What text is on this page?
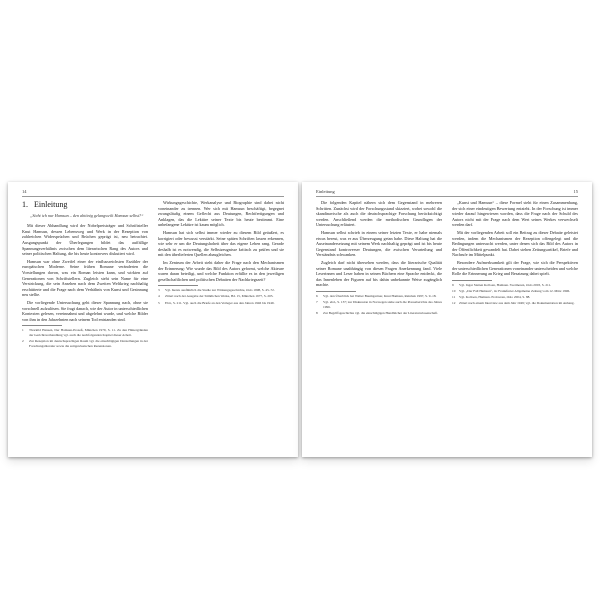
14
1. Einleitung
„Sieht ich nur Hamsun – den abtönig gelangweilt Hamsun selbst?“

Mit dieser Abhandlung wird der Nobelpreisträger und Schriftsteller Knut Hamsun, dessen Lebensweg und Werk in der Rezeption von zahlreichen Widersprüchen und Brüchen geprägt ist, neu betrachtet. Ausgangspunkt der Überlegungen bildet das auffällige Spannungsverhältnis zwischen dem literarischen Rang des Autors und seiner politischen Haltung, die bis heute kontrovers diskutiert wird.

Hamsun war ohne Zweifel einer der einflussreichsten Erzähler der europäischen Moderne. Seine frühen Romane veränderten die Vorstellungen davon, was ein Roman leisten kann, und wirkten auf Generationen von Schriftstellern. Zugleich steht sein Name für eine Verstrickung, die sein Ansehen nach dem Zweiten Weltkrieg nachhaltig erschütterte und die Frage nach dem Verhältnis von Kunst und Gesinnung neu stellte.

Die vorliegende Untersuchung geht dieser Spannung nach, ohne sie vorschnell aufzulösen. Sie fragt danach, wie der Autor in unterschiedlichen Kontexten gelesen, vereinnahmt und abgelehnt wurde, und welche Bilder von ihm in den Jahrzehnten nach seinem Tod entstanden sind.

1 Thorkild Hansen, Der Hamsun-Prozeß, München 1979, S. 11. Zu den Hintergründen der Gerichtsverhandlung vgl. auch die nachfolgenden Kapitel dieser Arbeit.
2 Zur Rezeption im deutschsprachigen Raum vgl. die einschlägigen Darstellungen in der Forschungsliteratur sowie die zeitgenössischen Rezensionen.

Wirkungsgeschichte, Werkanalyse und Biographie sind dabei nicht voneinander zu trennen. Wer sich mit Hamsun beschäftigt, begegnet zwangsläufig einem Geflecht aus Deutungen, Rechtfertigungen und Anklagen, das die Lektüre seiner Texte bis heute bestimmt. Eine unbefangene Lektüre ist kaum möglich.

Hamsun hat sich selbst immer wieder zu diesem Bild geäußert, es korrigiert oder bewusst verstärkt. Seine späten Schriften lassen erkennen, wie sehr er um die Deutungshoheit über das eigene Leben rang. Gerade deshalb ist es notwendig, die Selbstzeugnisse kritisch zu prüfen und sie mit den überlieferten Quellen abzugleichen.

Im Zentrum der Arbeit steht daher die Frage nach den Mechanismen der Erinnerung: Wie wurde das Bild des Autors geformt, welche Akteure waren daran beteiligt, und welche Funktion erfüllte es in den jeweiligen gesellschaftlichen und politischen Debatten der Nachkriegszeit?

3 Vgl. hierzu ausführlich die Studie zur Wirkungsgeschichte, Oslo 1998, S. 45–72.
4 Zitiert nach der Ausgabe der Sämtlichen Werke, Bd. 15, München 1977, S. 203.
5 Ebd., S. 211. Vgl. auch die Briefe an den Verleger aus den Jahren 1946 bis 1949.
Einleitung	15

Die folgenden Kapitel nähern sich dem Gegenstand in mehreren Schritten. Zunächst wird der Forschungsstand skizziert, wobei sowohl die skandinavische als auch die deutschsprachige Forschung berücksichtigt werden. Anschließend werden die methodischen Grundlagen der Untersuchung erläutert.

Hamsun selbst schrieb in einem seiner letzten Texte, er habe niemals etwas bereut, was er aus Überzeugung getan habe. Diese Haltung hat die Auseinandersetzung mit seinem Werk nachhaltig geprägt und ist bis heute Gegenstand kontroverser Deutungen, die zwischen Verurteilung und Verständnis schwanken.

Zugleich darf nicht übersehen werden, dass die literarische Qualität seiner Romane unabhängig von diesen Fragen Anerkennung fand. Viele Leserinnen und Leser haben in seinen Büchern eine Sprache entdeckt, die das Innenleben der Figuren auf bis dahin unbekannte Weise zugänglich machte.

6 Vgl. den Überblick bei Walter Baumgartner, Knut Hamsun, Reinbek 1997, S. 9–18.
7 Vgl. ebd., S. 137; zur Diskussion in Norwegen siehe auch die Presseberichte des Jahres 1996.
8 Zur Begriffsgeschichte vgl. die einschlägigen Handbücher der Literaturwissenschaft.

„Kunst und Hamsun“ – diese Formel steht für einen Zusammenhang, der sich einer eindeutigen Bewertung entzieht. In der Forschung ist immer wieder darauf hingewiesen worden, dass die Frage nach der Schuld des Autors nicht mit der Frage nach dem Wert seines Werkes verwechselt werden darf.

Mit der vorliegenden Arbeit soll ein Beitrag zu dieser Debatte geleistet werden, indem die Mechanismen der Rezeption offengelegt und die Bedingungen untersucht werden, unter denen sich das Bild des Autors in der Öffentlichkeit gewandelt hat. Dabei stehen Zeitungsartikel, Briefe und Nachrufe im Mittelpunkt.

Besondere Aufmerksamkeit gilt der Frage, wie sich die Perspektiven der unterschiedlichen Generationen voneinander unterscheiden und welche Rolle die Erinnerung an Krieg und Besatzung dabei spielt.

9 Vgl. Ingar Sletten Kolloen, Hamsun. Svermeren, Oslo 2003, S. 211.
10 Vgl. „Der Fall Hamsun“, in: Frankfurter Allgemeine Zeitung vom 12. März 1996.
11 Vgl. Kolloen, Hamsun. Erobreren, Oslo 2004, S. 88.
12 Zitiert nach einem Interview aus dem Jahr 1949; vgl. die Dokumentation im Anhang.
